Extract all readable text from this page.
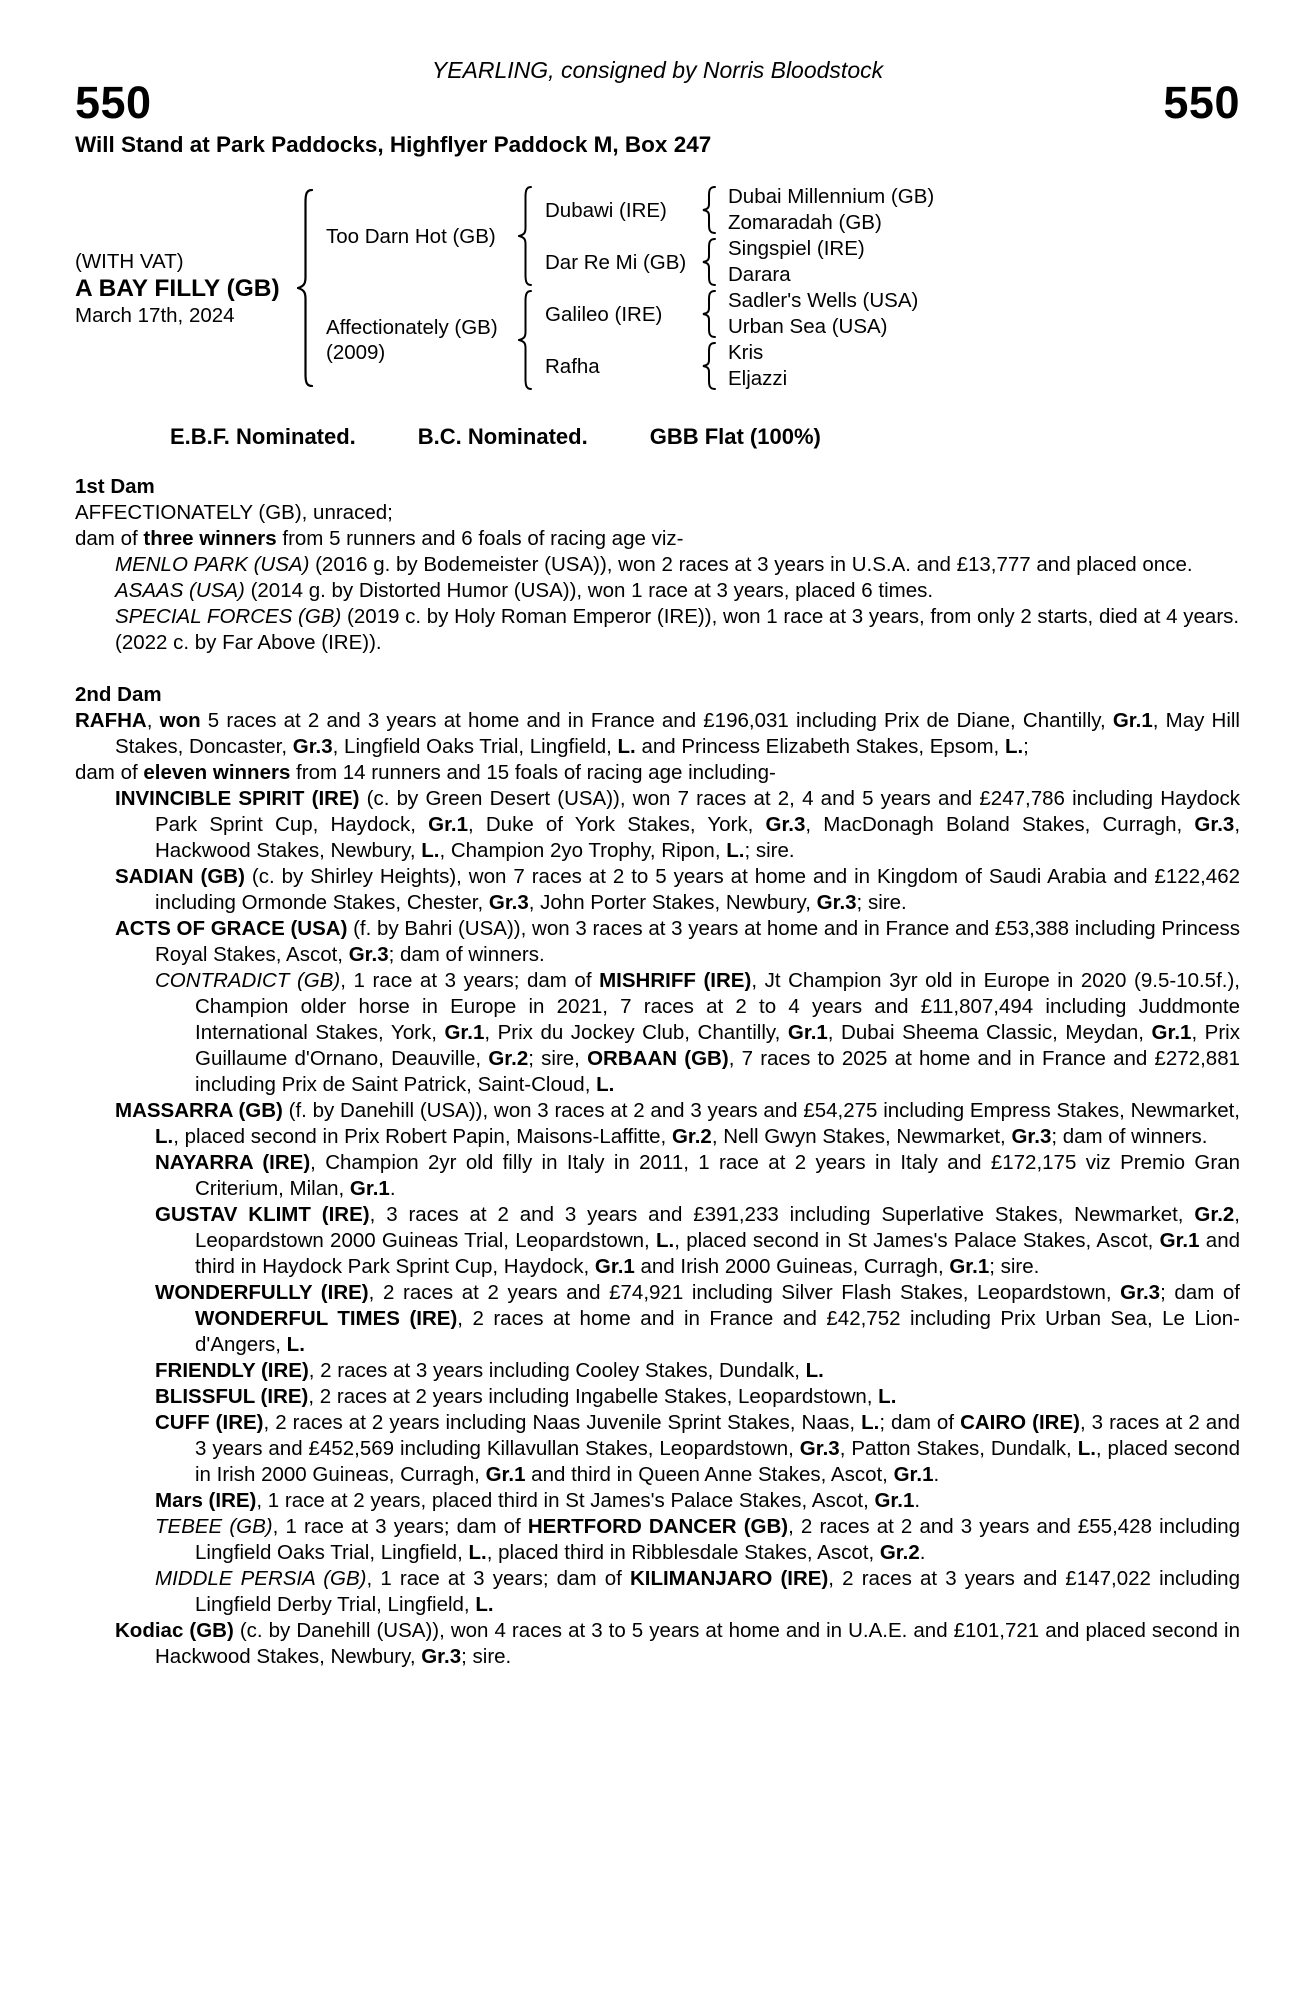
YEARLING, consigned by Norris Bloodstock
550	550
Will Stand at Park Paddocks, Highflyer Paddock M, Box 247
(WITH VAT)
A BAY FILLY (GB)
March 17th, 2024
Too Darn Hot (GB)
Dubawi (IRE)
Dubai Millennium (GB)
Zomaradah (GB)
Dar Re Mi (GB)
Singspiel (IRE)
Darara
Affectionately (GB)
(2009)
Galileo (IRE)
Sadler's Wells (USA)
Urban Sea (USA)
Rafha
Kris
Eljazzi
E.B.F. Nominated.	B.C. Nominated.	GBB Flat (100%)
1st Dam

AFFECTIONATELY (GB), unraced;

dam of three winners from 5 runners and 6 foals of racing age viz-

MENLO PARK (USA) (2016 g. by Bodemeister (USA)), won 2 races at 3 years in U.S.A. and £13,777 and placed once.

ASAAS (USA) (2014 g. by Distorted Humor (USA)), won 1 race at 3 years, placed 6 times.

SPECIAL FORCES (GB) (2019 c. by Holy Roman Emperor (IRE)), won 1 race at 3 years, from only 2 starts, died at 4 years.

(2022 c. by Far Above (IRE)).

2nd Dam

RAFHA, won 5 races at 2 and 3 years at home and in France and £196,031 including Prix de Diane, Chantilly, Gr.1, May Hill Stakes, Doncaster, Gr.3, Lingfield Oaks Trial, Lingfield, L. and Princess Elizabeth Stakes, Epsom, L.;

dam of eleven winners from 14 runners and 15 foals of racing age including-

INVINCIBLE SPIRIT (IRE) (c. by Green Desert (USA)), won 7 races at 2, 4 and 5 years and £247,786 including Haydock Park Sprint Cup, Haydock, Gr.1, Duke of York Stakes, York, Gr.3, MacDonagh Boland Stakes, Curragh, Gr.3, Hackwood Stakes, Newbury, L., Champion 2yo Trophy, Ripon, L.; sire.

SADIAN (GB) (c. by Shirley Heights), won 7 races at 2 to 5 years at home and in Kingdom of Saudi Arabia and £122,462 including Ormonde Stakes, Chester, Gr.3, John Porter Stakes, Newbury, Gr.3; sire.

ACTS OF GRACE (USA) (f. by Bahri (USA)), won 3 races at 3 years at home and in France and £53,388 including Princess Royal Stakes, Ascot, Gr.3; dam of winners.

CONTRADICT (GB), 1 race at 3 years; dam of MISHRIFF (IRE), Jt Champion 3yr old in Europe in 2020 (9.5-10.5f.), Champion older horse in Europe in 2021, 7 races at 2 to 4 years and £11,807,494 including Juddmonte International Stakes, York, Gr.1, Prix du Jockey Club, Chantilly, Gr.1, Dubai Sheema Classic, Meydan, Gr.1, Prix Guillaume d'Ornano, Deauville, Gr.2; sire, ORBAAN (GB), 7 races to 2025 at home and in France and £272,881 including Prix de Saint Patrick, Saint-Cloud, L.

MASSARRA (GB) (f. by Danehill (USA)), won 3 races at 2 and 3 years and £54,275 including Empress Stakes, Newmarket, L., placed second in Prix Robert Papin, Maisons-Laffitte, Gr.2, Nell Gwyn Stakes, Newmarket, Gr.3; dam of winners.

NAYARRA (IRE), Champion 2yr old filly in Italy in 2011, 1 race at 2 years in Italy and £172,175 viz Premio Gran Criterium, Milan, Gr.1.

GUSTAV KLIMT (IRE), 3 races at 2 and 3 years and £391,233 including Superlative Stakes, Newmarket, Gr.2, Leopardstown 2000 Guineas Trial, Leopardstown, L., placed second in St James's Palace Stakes, Ascot, Gr.1 and third in Haydock Park Sprint Cup, Haydock, Gr.1 and Irish 2000 Guineas, Curragh, Gr.1; sire.

WONDERFULLY (IRE), 2 races at 2 years and £74,921 including Silver Flash Stakes, Leopardstown, Gr.3; dam of WONDERFUL TIMES (IRE), 2 races at home and in France and £42,752 including Prix Urban Sea, Le Lion-d'Angers, L.

FRIENDLY (IRE), 2 races at 3 years including Cooley Stakes, Dundalk, L.

BLISSFUL (IRE), 2 races at 2 years including Ingabelle Stakes, Leopardstown, L.

CUFF (IRE), 2 races at 2 years including Naas Juvenile Sprint Stakes, Naas, L.; dam of CAIRO (IRE), 3 races at 2 and 3 years and £452,569 including Killavullan Stakes, Leopardstown, Gr.3, Patton Stakes, Dundalk, L., placed second in Irish 2000 Guineas, Curragh, Gr.1 and third in Queen Anne Stakes, Ascot, Gr.1.

Mars (IRE), 1 race at 2 years, placed third in St James's Palace Stakes, Ascot, Gr.1.

TEBEE (GB), 1 race at 3 years; dam of HERTFORD DANCER (GB), 2 races at 2 and 3 years and £55,428 including Lingfield Oaks Trial, Lingfield, L., placed third in Ribblesdale Stakes, Ascot, Gr.2.

MIDDLE PERSIA (GB), 1 race at 3 years; dam of KILIMANJARO (IRE), 2 races at 3 years and £147,022 including Lingfield Derby Trial, Lingfield, L.

Kodiac (GB) (c. by Danehill (USA)), won 4 races at 3 to 5 years at home and in U.A.E. and £101,721 and placed second in Hackwood Stakes, Newbury, Gr.3; sire.
